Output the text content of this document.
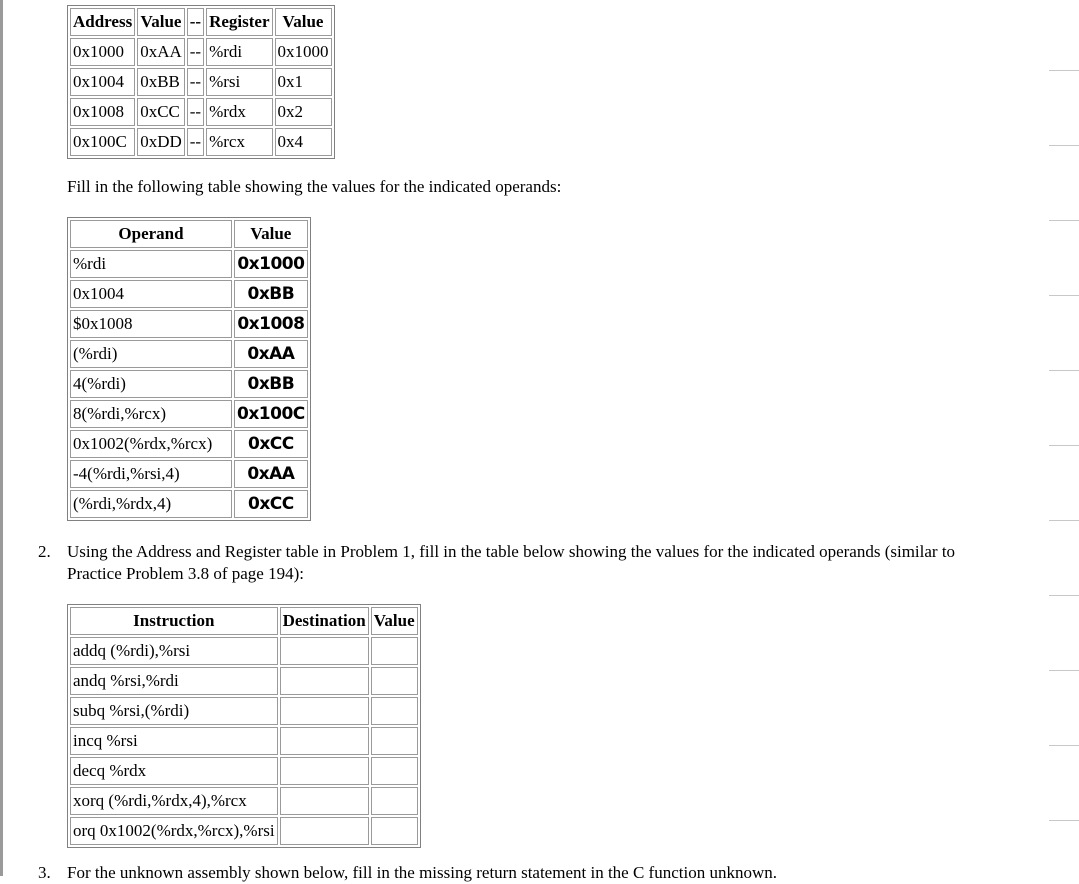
Address	Value	--	Register	Value
0x1000	0xAA	--	%rdi	0x1000
0x1004	0xBB	--	%rsi	0x1
0x1008	0xCC	--	%rdx	0x2
0x100C	0xDD	--	%rcx	0x4

Fill in the following table showing the values for the indicated operands:

Operand	Value
%rdi	0x1000
0x1004	0xBB
$0x1008	0x1008
(%rdi)	0xAA
4(%rdi)	0xBB
8(%rdi,%rcx)	0x100C
0x1002(%rdx,%rcx)	0xCC
-4(%rdi,%rsi,4)	0xAA
(%rdi,%rdx,4)	0xCC

2. Using the Address and Register table in Problem 1, fill in the table below showing the values for the indicated operands (similar to Practice Problem 3.8 of page 194):

Instruction	Destination	Value
addq (%rdi),%rsi		
andq %rsi,%rdi		
subq %rsi,(%rdi)		
incq %rsi		
decq %rdx		
xorq (%rdi,%rdx,4),%rcx		
orq 0x1002(%rdx,%rcx),%rsi		

3. For the unknown assembly shown below, fill in the missing return statement in the C function unknown.
